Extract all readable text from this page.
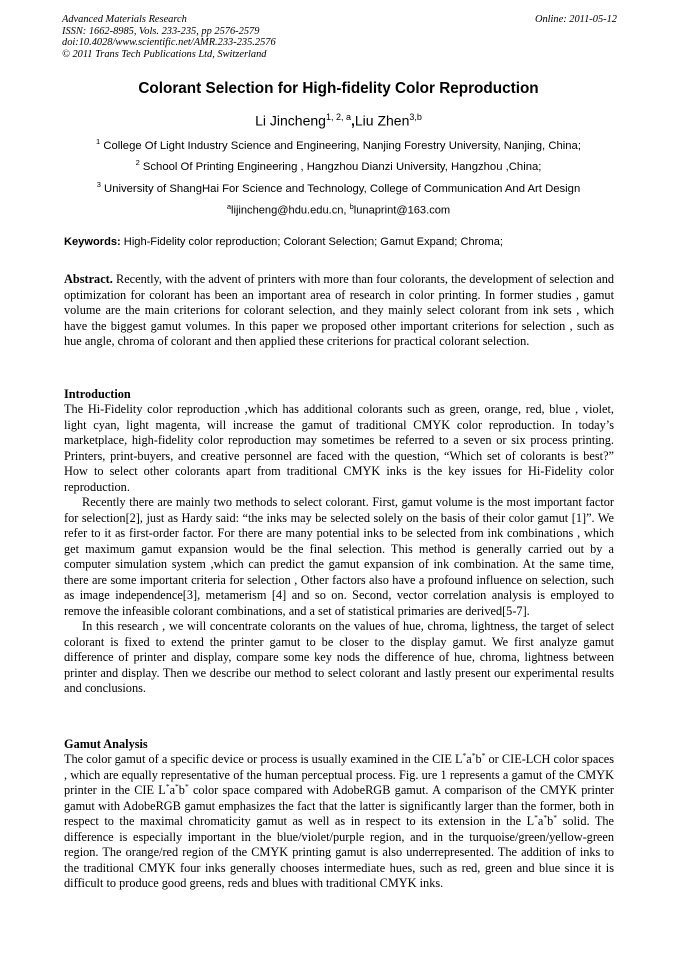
Advanced Materials Research
ISSN: 1662-8985, Vols. 233-235, pp 2576-2579
doi:10.4028/www.scientific.net/AMR.233-235.2576
© 2011 Trans Tech Publications Ltd, Switzerland
Online: 2011-05-12
Colorant Selection for High-fidelity Color Reproduction
Li Jincheng$^{1, 2, a}$,Liu Zhen$^{3,b}$
$^1$ College Of Light Industry Science and Engineering, Nanjing Forestry University, Nanjing, China;
$^2$ School Of Printing Engineering , Hangzhou Dianzi University, Hangzhou ,China;
$^3$ University of ShangHai For Science and Technology, College of Communication And Art Design
$^a$lijincheng@hdu.edu.cn, $^b$lunaprint@163.com
Keywords: High-Fidelity color reproduction; Colorant Selection; Gamut Expand; Chroma;

Abstract. Recently, with the advent of printers with more than four colorants, the development of selection and optimization for colorant has been an important area of research in color printing. In former studies , gamut volume are the main criterions for colorant selection, and they mainly select colorant from ink sets , which have the biggest gamut volumes. In this paper we proposed other important criterions for selection , such as hue angle, chroma of colorant and then applied these criterions for practical colorant selection.

Introduction

The Hi-Fidelity color reproduction ,which has additional colorants such as green, orange, red, blue , violet, light cyan, light magenta, will increase the gamut of traditional CMYK color reproduction. In today’s marketplace, high-fidelity color reproduction may sometimes be referred to a seven or six process printing. Printers, print-buyers, and creative personnel are faced with the question, “Which set of colorants is best?” How to select other colorants apart from traditional CMYK inks is the key issues for Hi-Fidelity color reproduction.

Recently there are mainly two methods to select colorant. First, gamut volume is the most important factor for selection[2], just as Hardy said: “the inks may be selected solely on the basis of their color gamut [1]”. We refer to it as first-order factor. For there are many potential inks to be selected from ink combinations , which get maximum gamut expansion would be the final selection. This method is generally carried out by a computer simulation system ,which can predict the gamut expansion of ink combination. At the same time, there are some important criteria for selection , Other factors also have a profound influence on selection, such as image independence[3], metamerism [4] and so on. Second, vector correlation analysis is employed to remove the infeasible colorant combinations, and a set of statistical primaries are derived[5-7].

In this research , we will concentrate colorants on the values of hue, chroma, lightness, the target of select colorant is fixed to extend the printer gamut to be closer to the display gamut. We first analyze gamut difference of printer and display, compare some key nods the difference of hue, chroma, lightness between printer and display. Then we describe our method to select colorant and lastly present our experimental results and conclusions.

Gamut Analysis

The color gamut of a specific device or process is usually examined in the CIE L*a*b* or CIE-LCH color spaces , which are equally representative of the human perceptual process. Fig. ure 1 represents a gamut of the CMYK printer in the CIE L*a*b* color space compared with AdobeRGB gamut. A comparison of the CMYK printer gamut with AdobeRGB gamut emphasizes the fact that the latter is significantly larger than the former, both in respect to the maximal chromaticity gamut as well as in respect to its extension in the L*a*b* solid. The difference is especially important in the blue/violet/purple region, and in the turquoise/green/yellow-green region. The orange/red region of the CMYK printing gamut is also underrepresented. The addition of inks to the traditional CMYK four inks generally chooses intermediate hues, such as red, green and blue since it is difficult to produce good greens, reds and blues with traditional CMYK inks.
